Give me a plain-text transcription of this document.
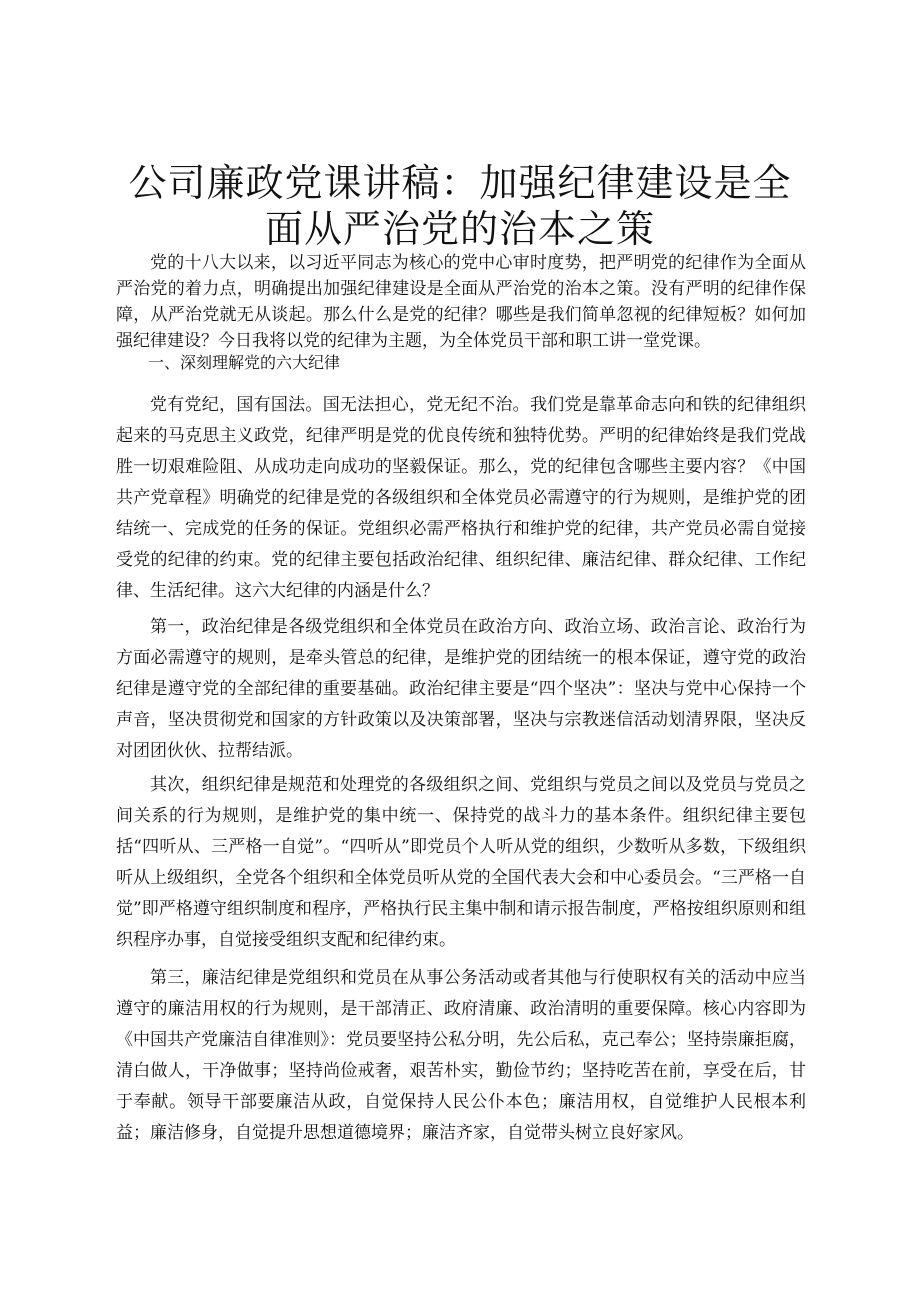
公司廉政党课讲稿：加强纪律建设是全面从严治党的治本之策

党的十八大以来，以习近平同志为核心的党中心审时度势，把严明党的纪律作为全面从严治党的着力点，明确提出加强纪律建设是全面从严治党的治本之策。没有严明的纪律作保障，从严治党就无从谈起。那么什么是党的纪律？哪些是我们简单忽视的纪律短板？如何加强纪律建设？今日我将以党的纪律为主题，为全体党员干部和职工讲一堂党课。

一、深刻理解党的六大纪律

党有党纪，国有国法。国无法担心，党无纪不治。我们党是靠革命志向和铁的纪律组织起来的马克思主义政党，纪律严明是党的优良传统和独特优势。严明的纪律始终是我们党战胜一切艰难险阻、从成功走向成功的坚毅保证。那么，党的纪律包含哪些主要内容？《中国共产党章程》明确党的纪律是党的各级组织和全体党员必需遵守的行为规则，是维护党的团结统一、完成党的任务的保证。党组织必需严格执行和维护党的纪律，共产党员必需自觉接受党的纪律的约束。党的纪律主要包括政治纪律、组织纪律、廉洁纪律、群众纪律、工作纪律、生活纪律。这六大纪律的内涵是什么？

第一，政治纪律是各级党组织和全体党员在政治方向、政治立场、政治言论、政治行为方面必需遵守的规则，是牵头管总的纪律，是维护党的团结统一的根本保证，遵守党的政治纪律是遵守党的全部纪律的重要基础。政治纪律主要是“四个坚决”：坚决与党中心保持一个声音，坚决贯彻党和国家的方针政策以及决策部署，坚决与宗教迷信活动划清界限，坚决反对团团伙伙、拉帮结派。

其次，组织纪律是规范和处理党的各级组织之间、党组织与党员之间以及党员与党员之间关系的行为规则，是维护党的集中统一、保持党的战斗力的基本条件。组织纪律主要包括“四听从、三严格一自觉”。“四听从”即党员个人听从党的组织，少数听从多数，下级组织听从上级组织，全党各个组织和全体党员听从党的全国代表大会和中心委员会。“三严格一自觉”即严格遵守组织制度和程序，严格执行民主集中制和请示报告制度，严格按组织原则和组织程序办事，自觉接受组织支配和纪律约束。

第三，廉洁纪律是党组织和党员在从事公务活动或者其他与行使职权有关的活动中应当遵守的廉洁用权的行为规则，是干部清正、政府清廉、政治清明的重要保障。核心内容即为《中国共产党廉洁自律准则》：党员要坚持公私分明，先公后私，克己奉公；坚持崇廉拒腐，清白做人，干净做事；坚持尚俭戒奢，艰苦朴实，勤俭节约；坚持吃苦在前，享受在后，甘于奉献。领导干部要廉洁从政，自觉保持人民公仆本色；廉洁用权，自觉维护人民根本利益；廉洁修身，自觉提升思想道德境界；廉洁齐家，自觉带头树立良好家风。
